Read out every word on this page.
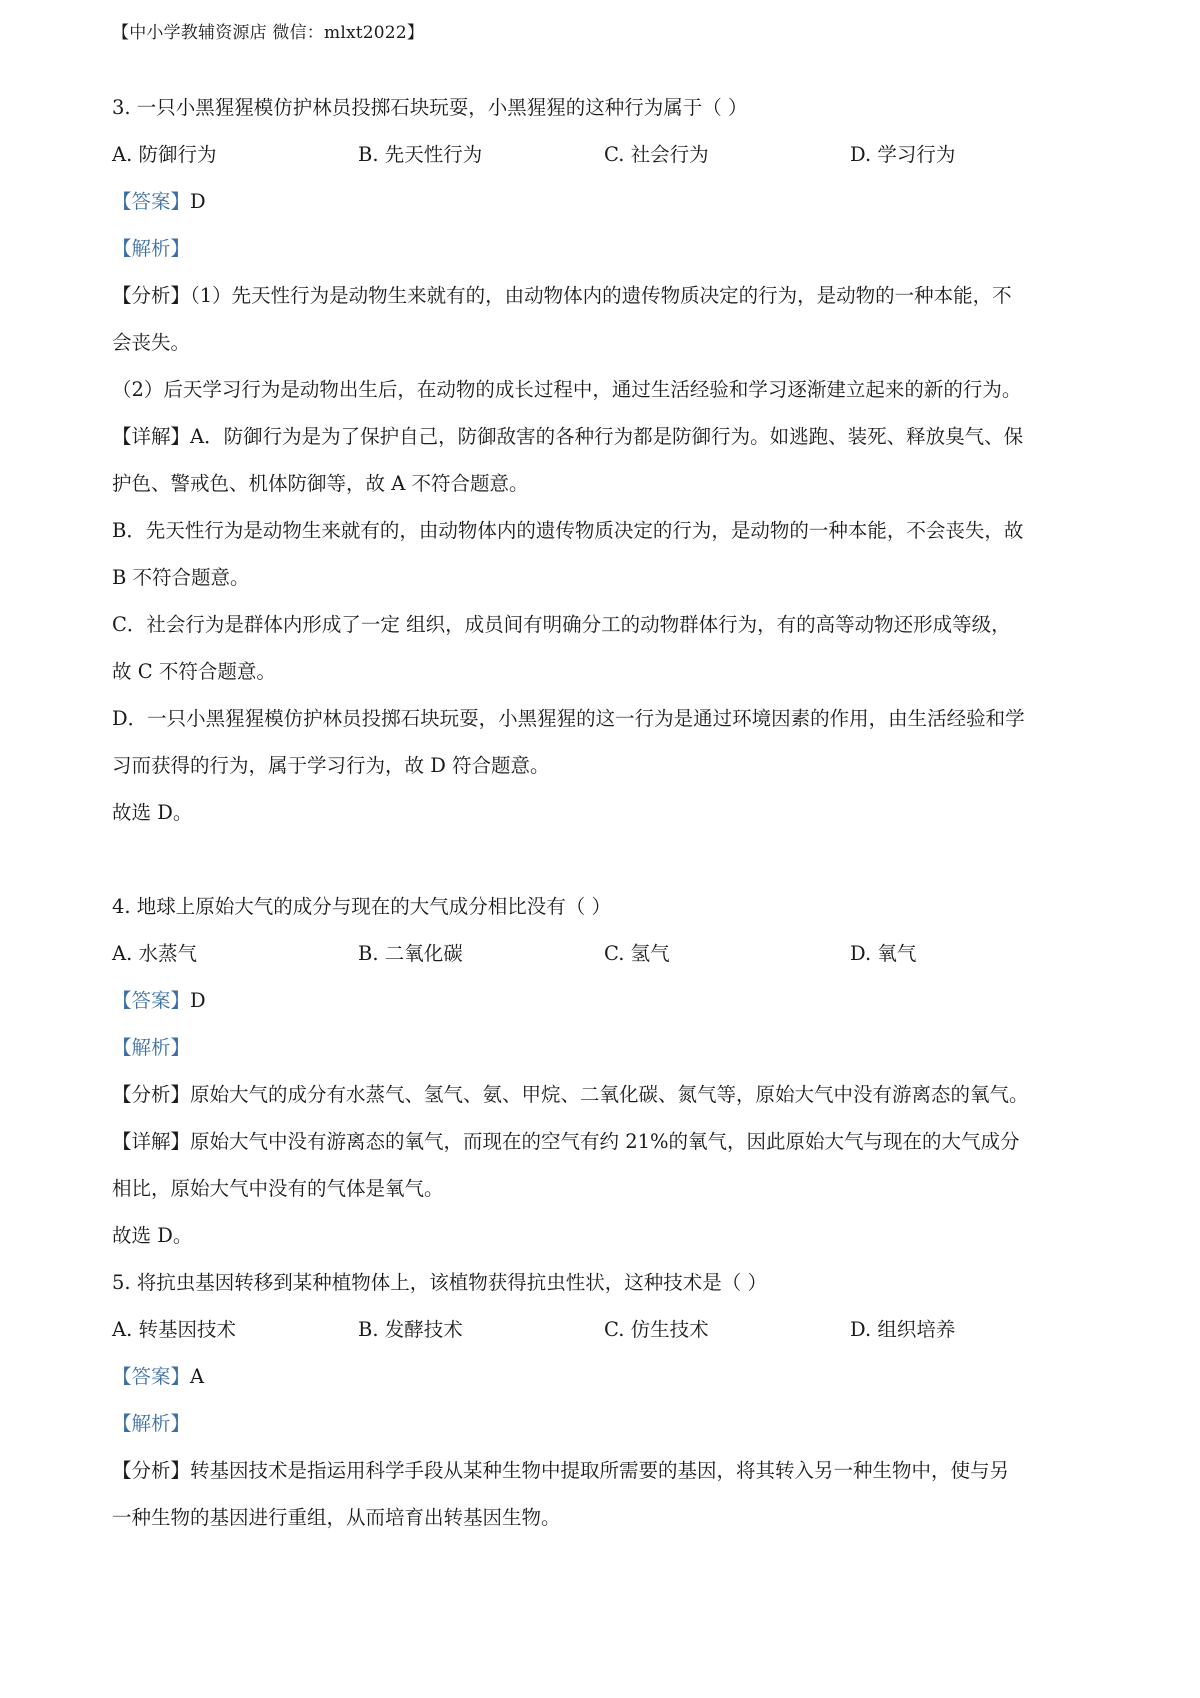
【中小学教辅资源店 微信：mlxt2022】
3. 一只小黑猩猩模仿护林员投掷石块玩耍，小黑猩猩的这种行为属于（ ）
A. 防御行为	B. 先天性行为	C. 社会行为	D. 学习行为
【答案】D
【解析】
【分析】（1）先天性行为是动物生来就有的，由动物体内的遗传物质决定的行为，是动物的一种本能，不
会丧失。
（2）后天学习行为是动物出生后，在动物的成长过程中，通过生活经验和学习逐渐建立起来的新的行为。
【详解】A．防御行为是为了保护自己，防御敌害的各种行为都是防御行为。如逃跑、装死、释放臭气、保
护色、警戒色、机体防御等，故 A 不符合题意。
B．先天性行为是动物生来就有的，由动物体内的遗传物质决定的行为，是动物的一种本能，不会丧失，故
B 不符合题意。
C．社会行为是群体内形成了一定 组织，成员间有明确分工的动物群体行为，有的高等动物还形成等级，
故 C 不符合题意。
D．一只小黑猩猩模仿护林员投掷石块玩耍，小黑猩猩的这一行为是通过环境因素的作用，由生活经验和学
习而获得的行为，属于学习行为，故 D 符合题意。
故选 D。
4. 地球上原始大气的成分与现在的大气成分相比没有（ ）
A. 水蒸气	B. 二氧化碳	C. 氢气	D. 氧气
【答案】D
【解析】
【分析】原始大气的成分有水蒸气、氢气、氨、甲烷、二氧化碳、氮气等，原始大气中没有游离态的氧气。
【详解】原始大气中没有游离态的氧气，而现在的空气有约 21%的氧气，因此原始大气与现在的大气成分
相比，原始大气中没有的气体是氧气。
故选 D。
5. 将抗虫基因转移到某种植物体上，该植物获得抗虫性状，这种技术是（ ）
A. 转基因技术	B. 发酵技术	C. 仿生技术	D. 组织培养
【答案】A
【解析】
【分析】转基因技术是指运用科学手段从某种生物中提取所需要的基因，将其转入另一种生物中，使与另
一种生物的基因进行重组，从而培育出转基因生物。
